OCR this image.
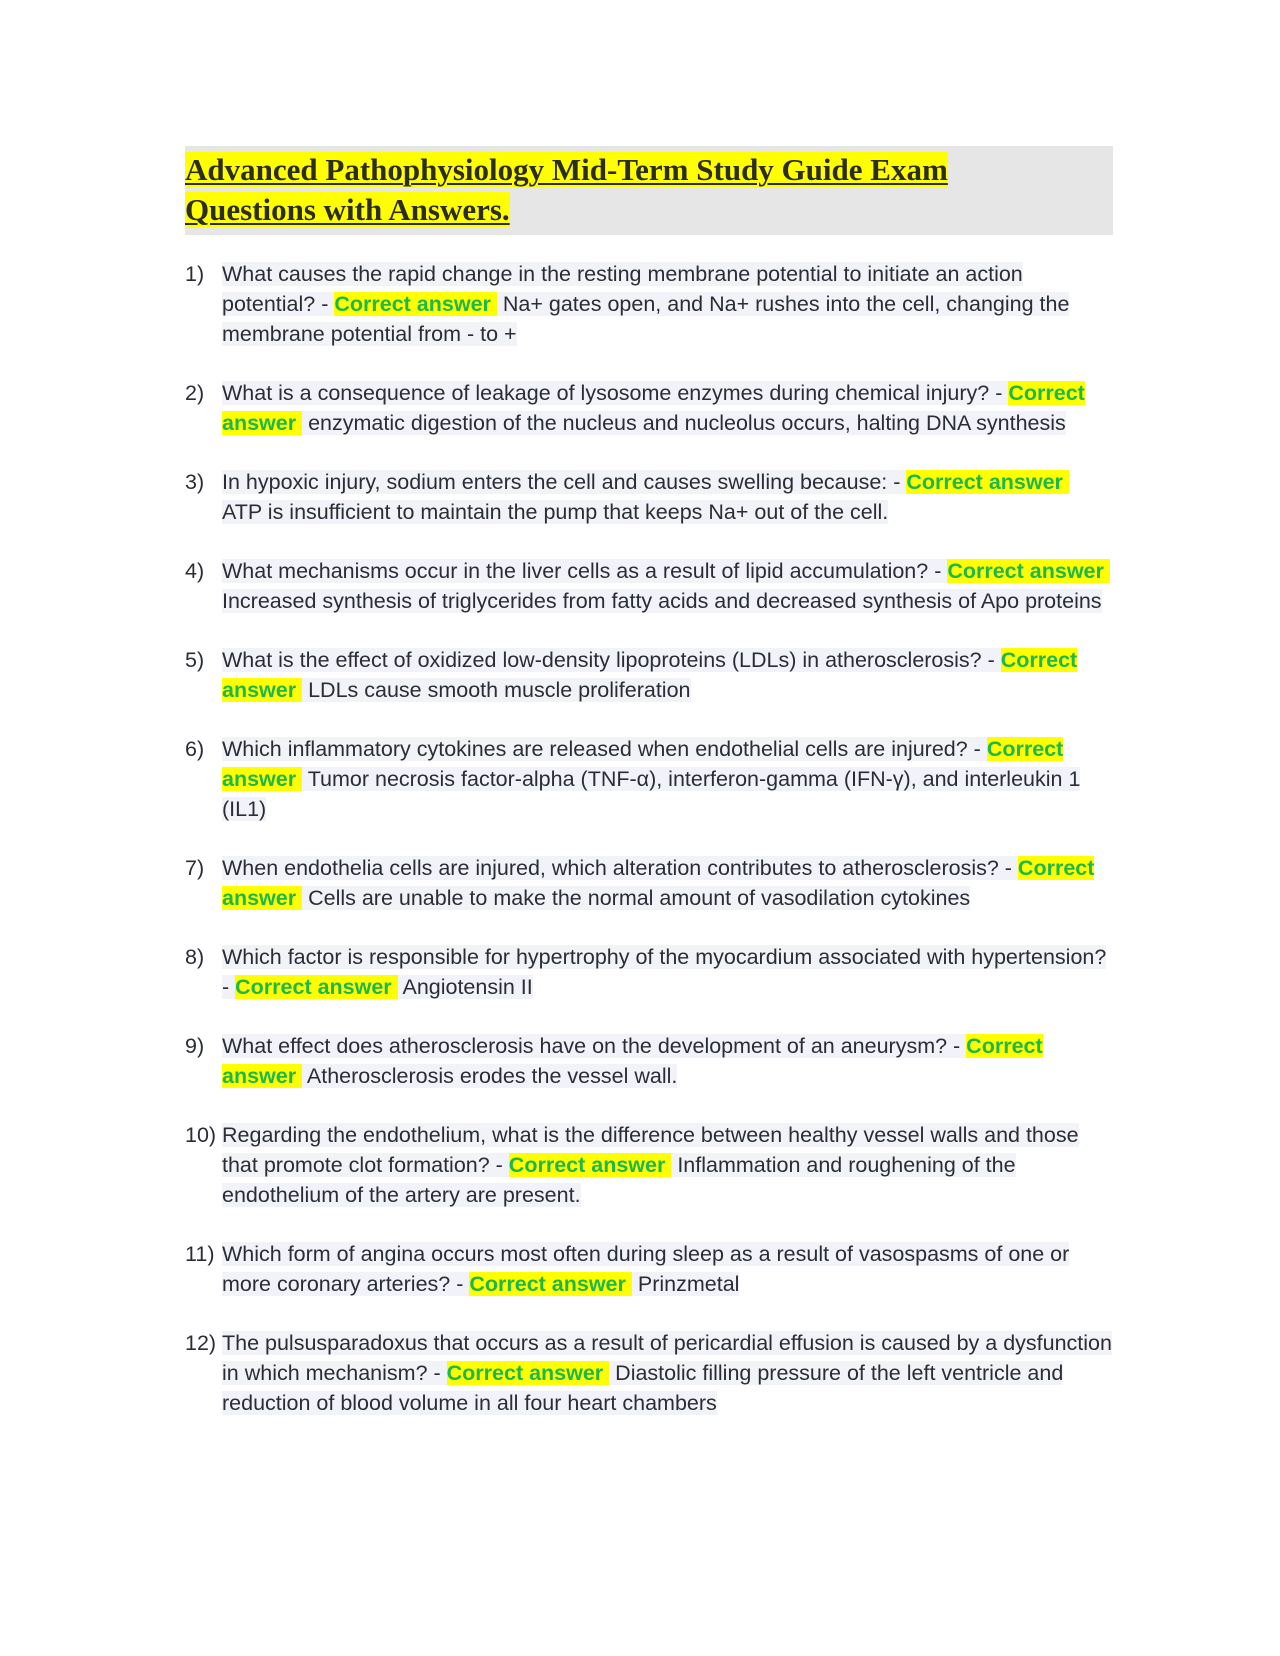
Advanced Pathophysiology Mid-Term Study Guide Exam
Questions with Answers.
1) What causes the rapid change in the resting membrane potential to initiate an action potential? - Correct answer Na+ gates open, and Na+ rushes into the cell, changing the membrane potential from - to +
2) What is a consequence of leakage of lysosome enzymes during chemical injury? - Correct answer enzymatic digestion of the nucleus and nucleolus occurs, halting DNA synthesis
3) In hypoxic injury, sodium enters the cell and causes swelling because: - Correct answer ATP is insufficient to maintain the pump that keeps Na+ out of the cell.
4) What mechanisms occur in the liver cells as a result of lipid accumulation? - Correct answer Increased synthesis of triglycerides from fatty acids and decreased synthesis of Apo proteins
5) What is the effect of oxidized low-density lipoproteins (LDLs) in atherosclerosis? - Correct answer LDLs cause smooth muscle proliferation
6) Which inflammatory cytokines are released when endothelial cells are injured? - Correct answer Tumor necrosis factor-alpha (TNF-α), interferon-gamma (IFN-γ), and interleukin 1 (IL1)
7) When endothelia cells are injured, which alteration contributes to atherosclerosis? - Correct answer Cells are unable to make the normal amount of vasodilation cytokines
8) Which factor is responsible for hypertrophy of the myocardium associated with hypertension? - Correct answer Angiotensin II
9) What effect does atherosclerosis have on the development of an aneurysm? - Correct answer Atherosclerosis erodes the vessel wall.
10) Regarding the endothelium, what is the difference between healthy vessel walls and those that promote clot formation? - Correct answer Inflammation and roughening of the endothelium of the artery are present.
11) Which form of angina occurs most often during sleep as a result of vasospasms of one or more coronary arteries? - Correct answer Prinzmetal
12) The pulsusparadoxus that occurs as a result of pericardial effusion is caused by a dysfunction in which mechanism? - Correct answer Diastolic filling pressure of the left ventricle and reduction of blood volume in all four heart chambers
